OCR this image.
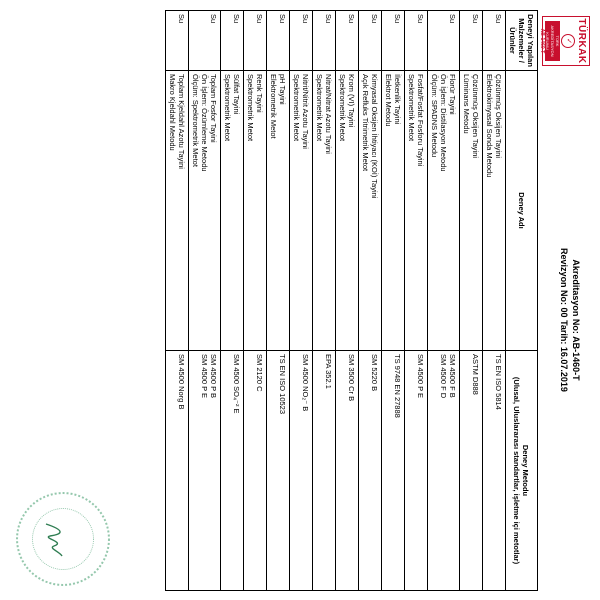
TÜRKAK
✓
TÜRK AKREDİTASYON KURUMU
AB-1460-T
Akreditasyon No: AB-1460-T
Revizyon No: 00 Tarih: 16.07.2019
Deneyi Yapılan Malzemeler / Ürünler	Deney Adı	Deney Metodu
(Ulusal, Uluslararası standartlar, işletme içi metotlar)

Su	Çözünmüş Oksijen Tayini
Elektrokimyasal Sonda Metodu	TS EN ISO 5814

Su	Çözünmüş Oksijen Tayini
Lüminans Metodu	ASTM D888

Su	Florür Tayini
Ön İşlem: Distilasyon Metodu
Ölçüm: SPADNS Metodu	SM 4500 F B
SM 4500 F D

Su	Fosfat/Fosfat Fosforu Tayini
Spektrometrik Metot	SM 4500 P E

Su	İletkenlik Tayini
Elektrot Metodu	TS 9748 EN 27888

Su	Kimyasal Oksijen İhtiyacı (KOİ) Tayini
Açık Refluks Titrimetrik Metot	SM 5220 B

Su	Krom (VI) Tayini
Spektrometrik Metot	SM 3500 Cr B

Su	Nitrat/Nitrat Azotu Tayini
Spektrometrik Metot	EPA 352.1

Su	Nitrit/Nitrit Azotu Tayini
Spektrometrik Metot	SM 4500 NO₂⁻ B

Su	pH Tayini
Elektrometrik Metot	TS EN ISO 10523

Su	Renk Tayini
Spektrometrik Metot	SM 2120 C

Su	Sülfat Tayini
Spektrometrik Metot	SM 4500 SO₄⁻² E

Su	Toplam Fosfor Tayini
Ön İşlem: Özümleme Metodu
Ölçüm: Spektrometrik Metot	SM 4500 P B
SM 4500 P E

Su	Toplam Kjeldahl Azotu Tayini
Makro Kjeldahl Metodu	SM 4500 Norg B
